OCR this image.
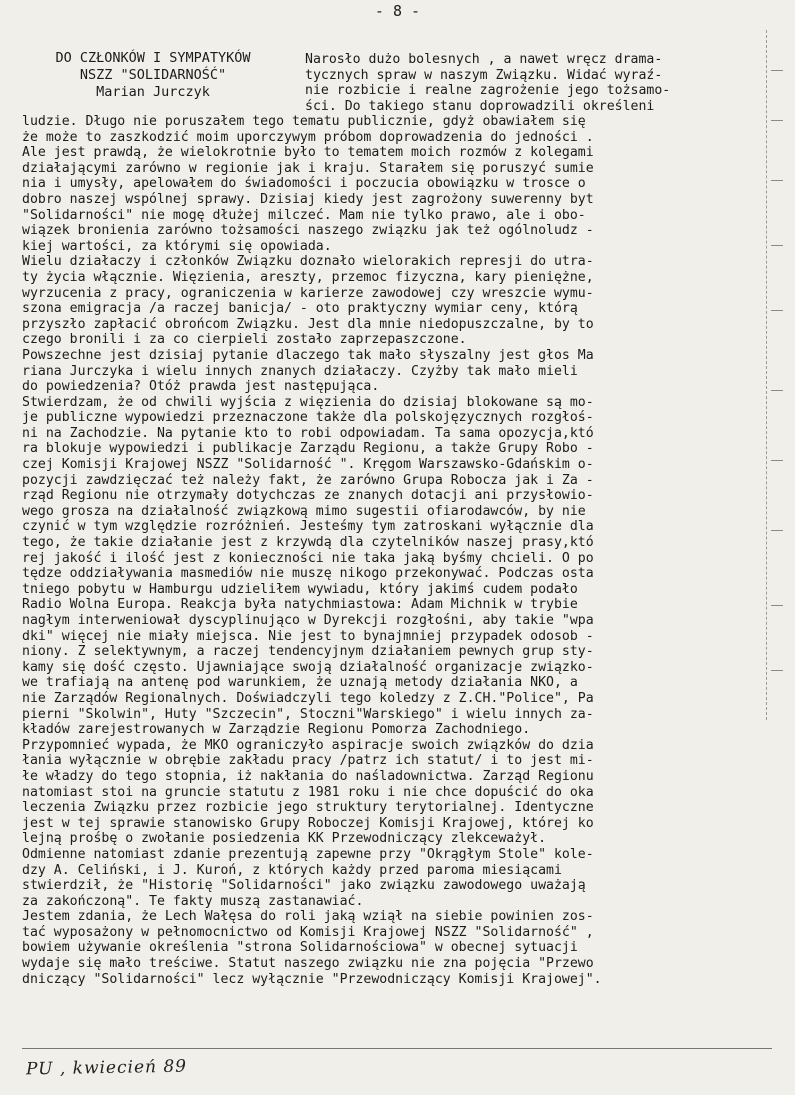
- 8 -
DO CZŁONKÓW I SYMPATYKÓW
NSZZ "SOLIDARNOŚĆ"
Marian Jurczyk
Narosło dużo bolesnych , a nawet wręcz drama-
tycznych spraw w naszym Związku. Widać wyraź-
nie rozbicie i realne zagrożenie jego tożsamo-
ści. Do takiego stanu doprowadzili określeni
ludzie. Długo nie poruszałem tego tematu publicznie, gdyż obawiałem się
że może to zaszkodzić moim uporczywym próbom doprowadzenia do jedności .
Ale jest prawdą, że wielokrotnie było to tematem moich rozmów z kolegami
działającymi zarówno w regionie jak i kraju. Starałem się poruszyć sumie
nia i umysły, apelowałem do świadomości i poczucia obowiązku w trosce o
dobro naszej wspólnej sprawy. Dzisiaj kiedy jest zagrożony suwerenny byt
"Solidarności" nie mogę dłużej milczeć. Mam nie tylko prawo, ale i obo-
wiązek bronienia zarówno tożsamości naszego związku jak też ogólnoludz -
kiej wartości, za którymi się opowiada.
Wielu działaczy i członków Związku doznało wielorakich represji do utra-
ty życia włącznie. Więzienia, areszty, przemoc fizyczna, kary pieniężne,
wyrzucenia z pracy, ograniczenia w karierze zawodowej czy wreszcie wymu-
szona emigracja /a raczej banicja/ - oto praktyczny wymiar ceny, którą
przyszło zapłacić obrońcom Związku. Jest dla mnie niedopuszczalne, by to
czego bronili i za co cierpieli zostało zaprzepaszczone.
Powszechne jest dzisiaj pytanie dlaczego tak mało słyszalny jest głos Ma
riana Jurczyka i wielu innych znanych działaczy. Czyżby tak mało mieli
do powiedzenia? Otóż prawda jest następująca.
Stwierdzam, że od chwili wyjścia z więzienia do dzisiaj blokowane są mo-
je publiczne wypowiedzi przeznaczone także dla polskojęzycznych rozgłoś-
ni na Zachodzie. Na pytanie kto to robi odpowiadam. Ta sama opozycja,któ
ra blokuje wypowiedzi i publikacje Zarządu Regionu, a także Grupy Robo -
czej Komisji Krajowej NSZZ "Solidarność ". Kręgom Warszawsko-Gdańskim o-
pozycji zawdzięczać też należy fakt, że zarówno Grupa Robocza jak i Za -
rząd Regionu nie otrzymały dotychczas ze znanych dotacji ani przysłowio-
wego grosza na działalność związkową mimo sugestii ofiarodawców, by nie
czynić w tym względzie rozróżnień. Jesteśmy tym zatroskani wyłącznie dla
tego, że takie działanie jest z krzywdą dla czytelników naszej prasy,któ
rej jakość i ilość jest z konieczności nie taka jaką byśmy chcieli. O po
tędze oddziaływania masmediów nie muszę nikogo przekonywać. Podczas osta
tniego pobytu w Hamburgu udzieliłem wywiadu, który jakimś cudem podało
Radio Wolna Europa. Reakcja była natychmiastowa: Adam Michnik w trybie
nagłym interweniował dyscyplinująco w Dyrekcji rozgłośni, aby takie "wpa
dki" więcej nie miały miejsca. Nie jest to bynajmniej przypadek odosob -
niony. Z selektywnym, a raczej tendencyjnym działaniem pewnych grup sty-
kamy się dość często. Ujawniające swoją działalność organizacje związko-
we trafiają na antenę pod warunkiem, że uznają metody działania NKO, a
nie Zarządów Regionalnych. Doświadczyli tego koledzy z Z.CH."Police", Pa
pierni "Skolwin", Huty "Szczecin", Stoczni"Warskiego" i wielu innych za-
kładów zarejestrowanych w Zarządzie Regionu Pomorza Zachodniego.
Przypomnieć wypada, że MKO ograniczyło aspiracje swoich związków do dzia
łania wyłącznie w obrębie zakładu pracy /patrz ich statut/ i to jest mi-
łe władzy do tego stopnia, iż nakłania do naśladownictwa. Zarząd Regionu
natomiast stoi na gruncie statutu z 1981 roku i nie chce dopuścić do oka
leczenia Związku przez rozbicie jego struktury terytorialnej. Identyczne
jest w tej sprawie stanowisko Grupy Roboczej Komisji Krajowej, której ko
lejną prośbę o zwołanie posiedzenia KK Przewodniczący zlekceważył.
Odmienne natomiast zdanie prezentują zapewne przy "Okrągłym Stole" kole-
dzy A. Celiński, i J. Kuroń, z których każdy przed paroma miesiącami
stwierdził, że "Historię "Solidarności" jako związku zawodowego uważają
za zakończoną". Te fakty muszą zastanawiać.
Jestem zdania, że Lech Wałęsa do roli jaką wziął na siebie powinien zos-
tać wyposażony w pełnomocnictwo od Komisji Krajowej NSZZ "Solidarność" ,
bowiem używanie określenia "strona Solidarnościowa" w obecnej sytuacji
wydaje się mało treściwe. Statut naszego związku nie zna pojęcia "Przewo
dniczący "Solidarności" lecz wyłącznie "Przewodniczący Komisji Krajowej".
PU , kwiecień 89
